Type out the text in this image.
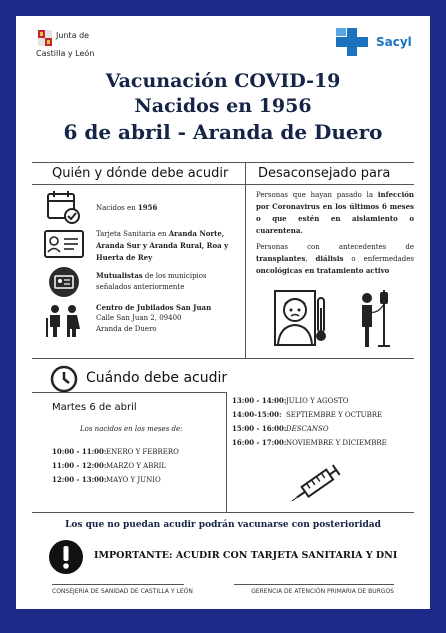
Junta de
Castilla y León
Sacyl
Vacunación COVID-19
Nacidos en 1956
6 de abril - Aranda de Duero
Quién y dónde debe acudir Desaconsejado para
Nacidos en 1956
Tarjeta Sanitaria en Aranda Norte, Aranda Sur y Aranda Rural, Roa y Huerta de Rey
Mutualistas de los municipios señalados anteriormente
Centro de Jubilados San Juan
Calle San Juan 2, 09400
Aranda de Duero
Personas que hayan pasado la infección por Coronavirus en los últimos 6 meses o que estén en aislamiento o cuarentena.
Personas con antecedentes de transplantes, diálisis o enfermedades oncológicas en tratamiento activo
Cuándo debe acudir
Martes 6 de abril
Los nacidos en los meses de:
10:00 - 11:00:ENERO Y FEBRERO
11:00 - 12:00:MARZO Y ABRIL
12:00 - 13:00:MAYO Y JUNIO
13:00 - 14:00:JULIO Y AGOSTO
14:00-15:00: SEPTIEMBRE Y OCTUBRE
15:00 - 16:00:DESCANSO
16:00 - 17:00:NOVIEMBRE Y DICIEMBRE
Los que no puedan acudir podrán vacunarse con posterioridad
IMPORTANTE: ACUDIR CON TARJETA SANITARIA Y DNI
CONSEJERÍA DE SANIDAD DE CASTILLA Y LEÓN	GERENCIA DE ATENCIÓN PRIMARIA DE BURGOS
